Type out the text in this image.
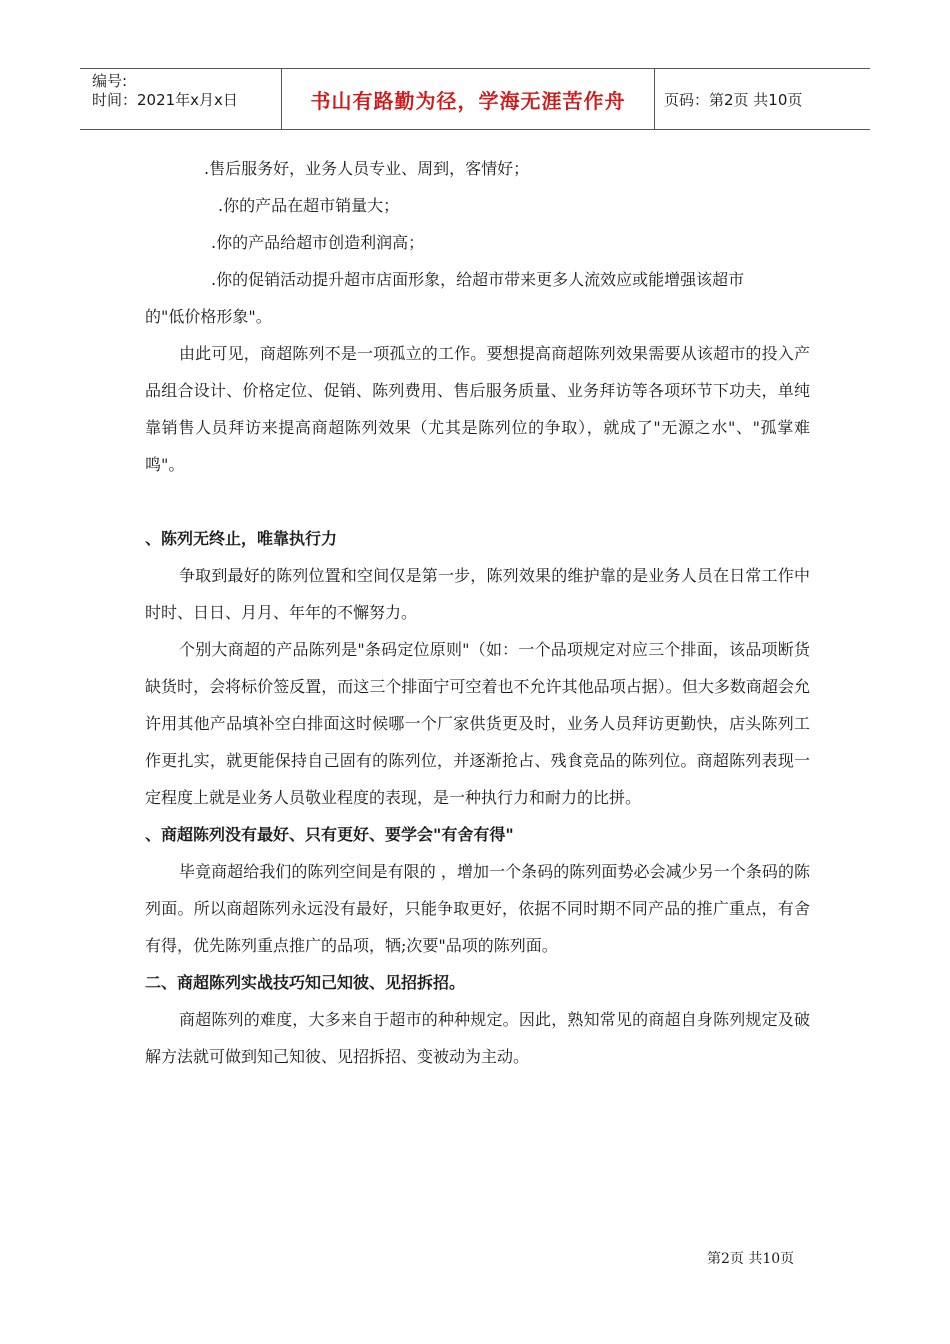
编号:
时间：2021年x月x日	书山有路勤为径，学海无涯苦作舟	页码：第2页 共10页

.售后服务好，业务人员专业、周到，客情好；

.你的产品在超市销量大；

.你的产品给超市创造利润高；

.你的促销活动提升超市店面形象，给超市带来更多人流效应或能增强该超市

的"低价格形象"。

由此可见，商超陈列不是一项孤立的工作。要想提高商超陈列效果需要从该超市的投入产品组合设计、价格定位、促销、陈列费用、售后服务质量、业务拜访等各项环节下功夫，单纯靠销售人员拜访来提高商超陈列效果（尤其是陈列位的争取），就成了"无源之水"、"孤掌难鸣"。

、陈列无终止，唯靠执行力

争取到最好的陈列位置和空间仅是第一步，陈列效果的维护靠的是业务人员在日常工作中时时、日日、月月、年年的不懈努力。

个别大商超的产品陈列是"条码定位原则"（如：一个品项规定对应三个排面，该品项断货缺货时，会将标价签反置，而这三个排面宁可空着也不允许其他品项占据）。但大多数商超会允许用其他产品填补空白排面这时候哪一个厂家供货更及时，业务人员拜访更勤快，店头陈列工作更扎实，就更能保持自己固有的陈列位，并逐渐抢占、残食竞品的陈列位。商超陈列表现一定程度上就是业务人员敬业程度的表现，是一种执行力和耐力的比拼。

、商超陈列没有最好、只有更好、要学会"有舍有得"

毕竟商超给我们的陈列空间是有限的 ，增加一个条码的陈列面势必会减少另一个条码的陈列面。所以商超陈列永远没有最好，只能争取更好，依据不同时期不同产品的推广重点，有舍有得，优先陈列重点推广的品项，牺;次要"品项的陈列面。

二、商超陈列实战技巧知己知彼、见招拆招。

商超陈列的难度，大多来自于超市的种种规定。因此，熟知常见的商超自身陈列规定及破解方法就可做到知己知彼、见招拆招、变被动为主动。

第2页 共10页
